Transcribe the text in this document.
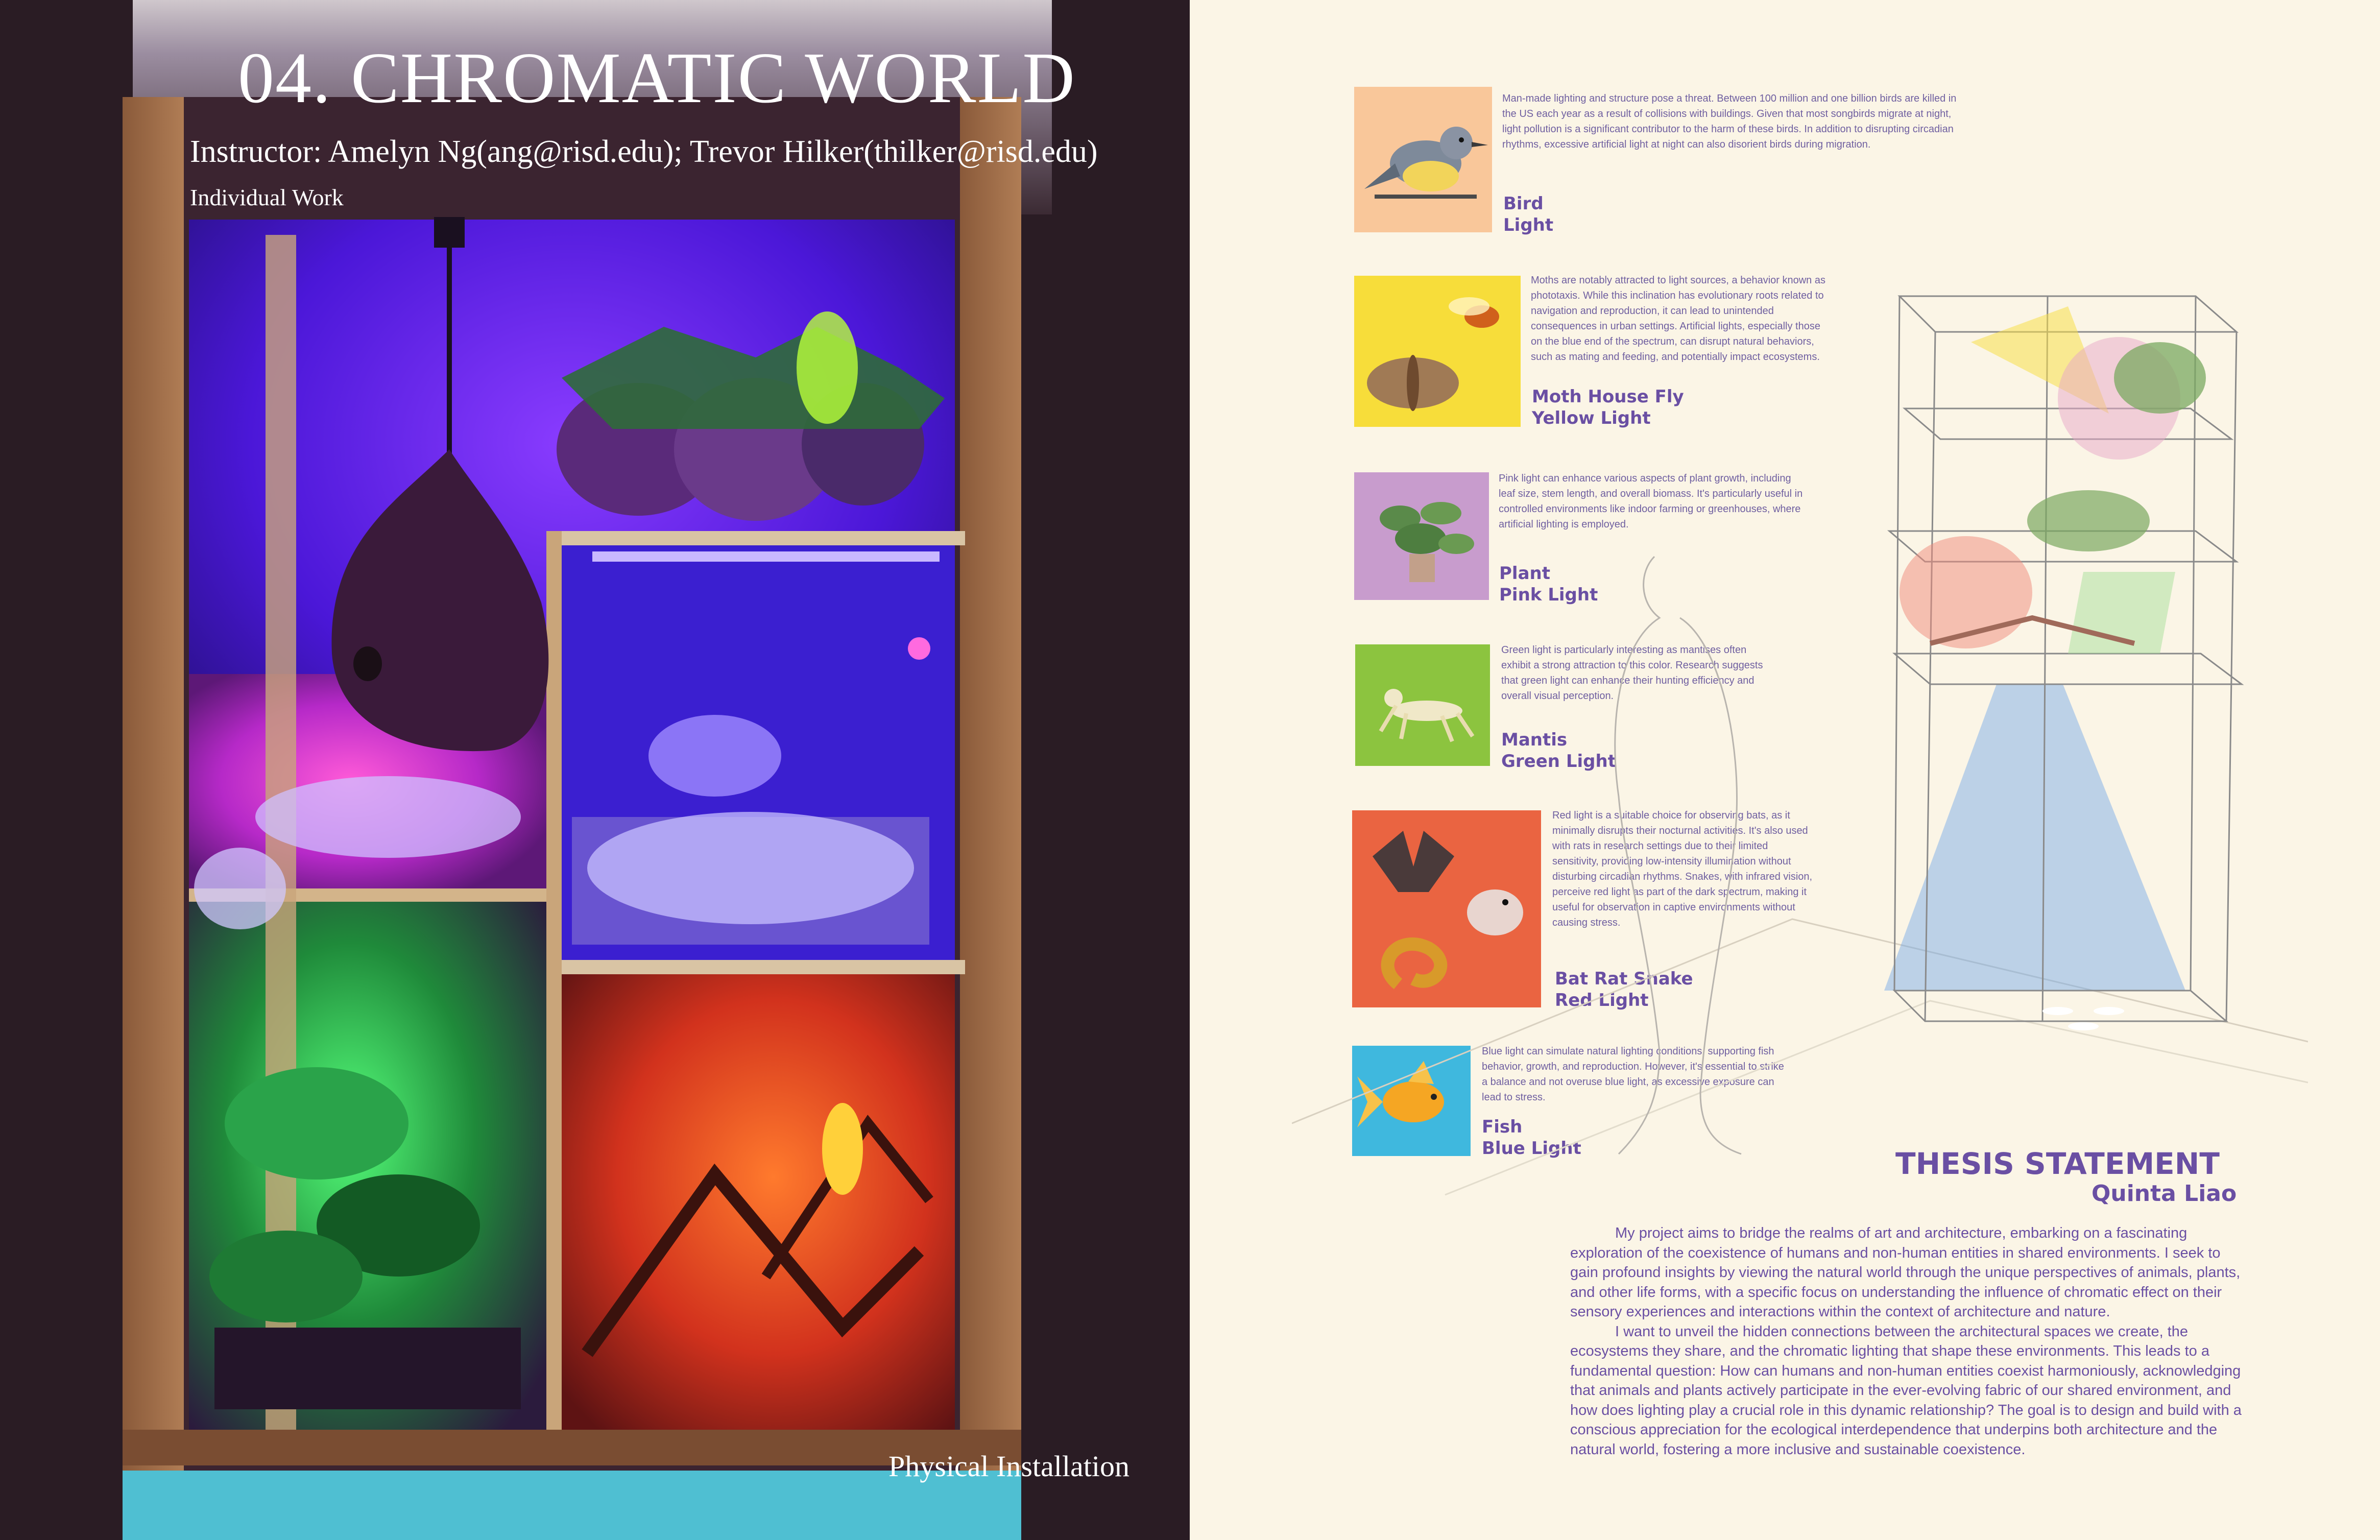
04. CHROMATIC WORLD
Instructor: Amelyn Ng(ang@risd.edu); Trevor Hilker(thilker@risd.edu)
Individual Work
Physical Installation
Man-made lighting and structure pose a threat. Between 100 million and one billion birds are killed in the US each year as a result of collisions with buildings. Given that most songbirds migrate at night, light pollution is a significant contributor to the harm of these birds. In addition to disrupting circadian rhythms, excessive artificial light at night can also disorient birds during migration.
Bird
Light
Moths are notably attracted to light sources, a behavior known as phototaxis. While this inclination has evolutionary roots related to navigation and reproduction, it can lead to unintended consequences in urban settings. Artificial lights, especially those on the blue end of the spectrum, can disrupt natural behaviors, such as mating and feeding, and potentially impact ecosystems.
Moth House Fly
Yellow Light
Pink light can enhance various aspects of plant growth, including leaf size, stem length, and overall biomass. It's particularly useful in controlled environments like indoor farming or greenhouses, where artificial lighting is employed.
Plant
Pink Light
Green light is particularly interesting as mantises often exhibit a strong attraction to this color. Research suggests that green light can enhance their hunting efficiency and overall visual perception.
Mantis
Green Light
Red light is a suitable choice for observing bats, as it minimally disrupts their nocturnal activities. It's also used with rats in research settings due to their limited sensitivity, providing low-intensity illumination without disturbing circadian rhythms. Snakes, with infrared vision, perceive red light as part of the dark spectrum, making it useful for observation in captive environments without causing stress.
Bat Rat Snake
Red Light
Blue light can simulate natural lighting conditions, supporting fish behavior, growth, and reproduction. However, it's essential to strike a balance and not overuse blue light, as excessive exposure can lead to stress.
Fish
Blue Light	THESIS STATEMENT
Quinta Liao

My project aims to bridge the realms of art and architecture, embarking on a fascinating exploration of the coexistence of humans and non-human entities in shared environments. I seek to gain profound insights by viewing the natural world through the unique perspectives of animals, plants, and other life forms, with a specific focus on understanding the influence of chromatic effect on their sensory experiences and interactions within the context of architecture and nature.

I want to unveil the hidden connections between the architectural spaces we create, the ecosystems they share, and the chromatic lighting that shape these environments. This leads to a fundamental question: How can humans and non-human entities coexist harmoniously, acknowledging that animals and plants actively participate in the ever-evolving fabric of our shared environment, and how does lighting play a crucial role in this dynamic relationship? The goal is to design and build with a conscious appreciation for the ecological interdependence that underpins both architecture and the natural world, fostering a more inclusive and sustainable coexistence.
